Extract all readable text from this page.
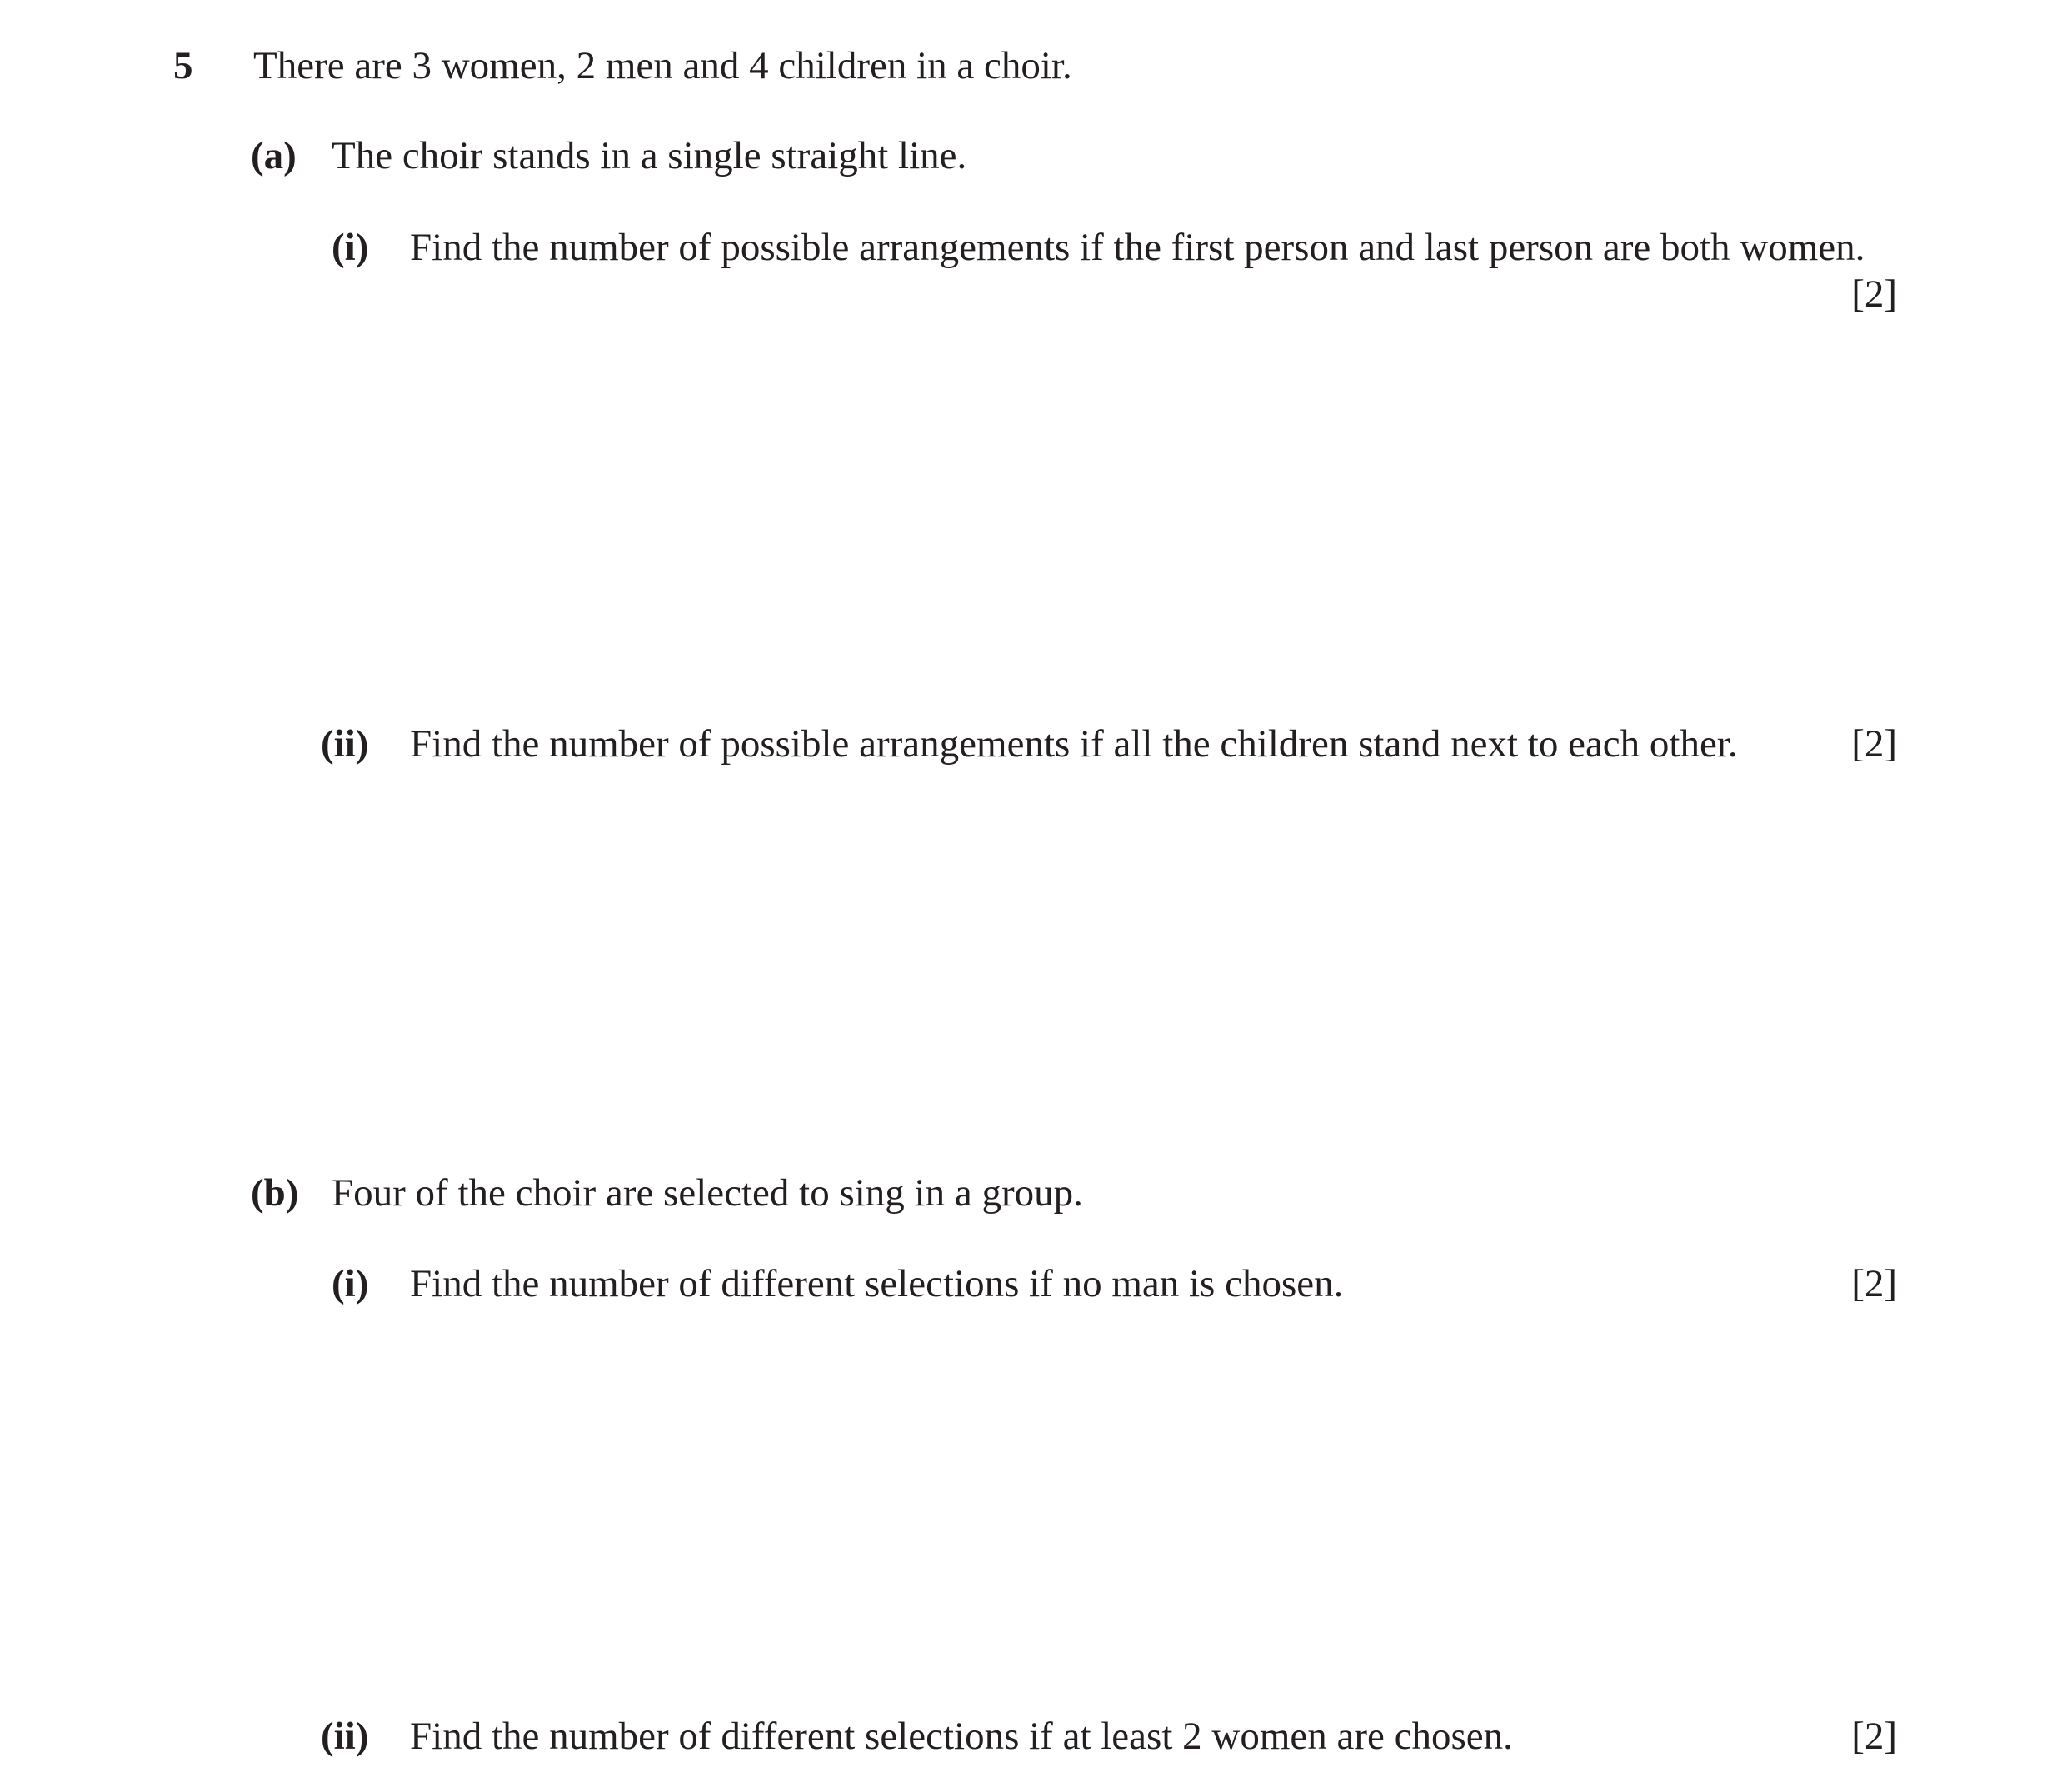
5 There are 3 women, 2 men and 4 children in a choir.
(a) The choir stands in a single straight line.
(i) Find the number of possible arrangements if the first person and last person are both women.
[2]
(ii) Find the number of possible arrangements if all the children stand next to each other.	[2]
(b) Four of the choir are selected to sing in a group.
(i) Find the number of different selections if no man is chosen.	[2]
(ii) Find the number of different selections if at least 2 women are chosen.	[2]
